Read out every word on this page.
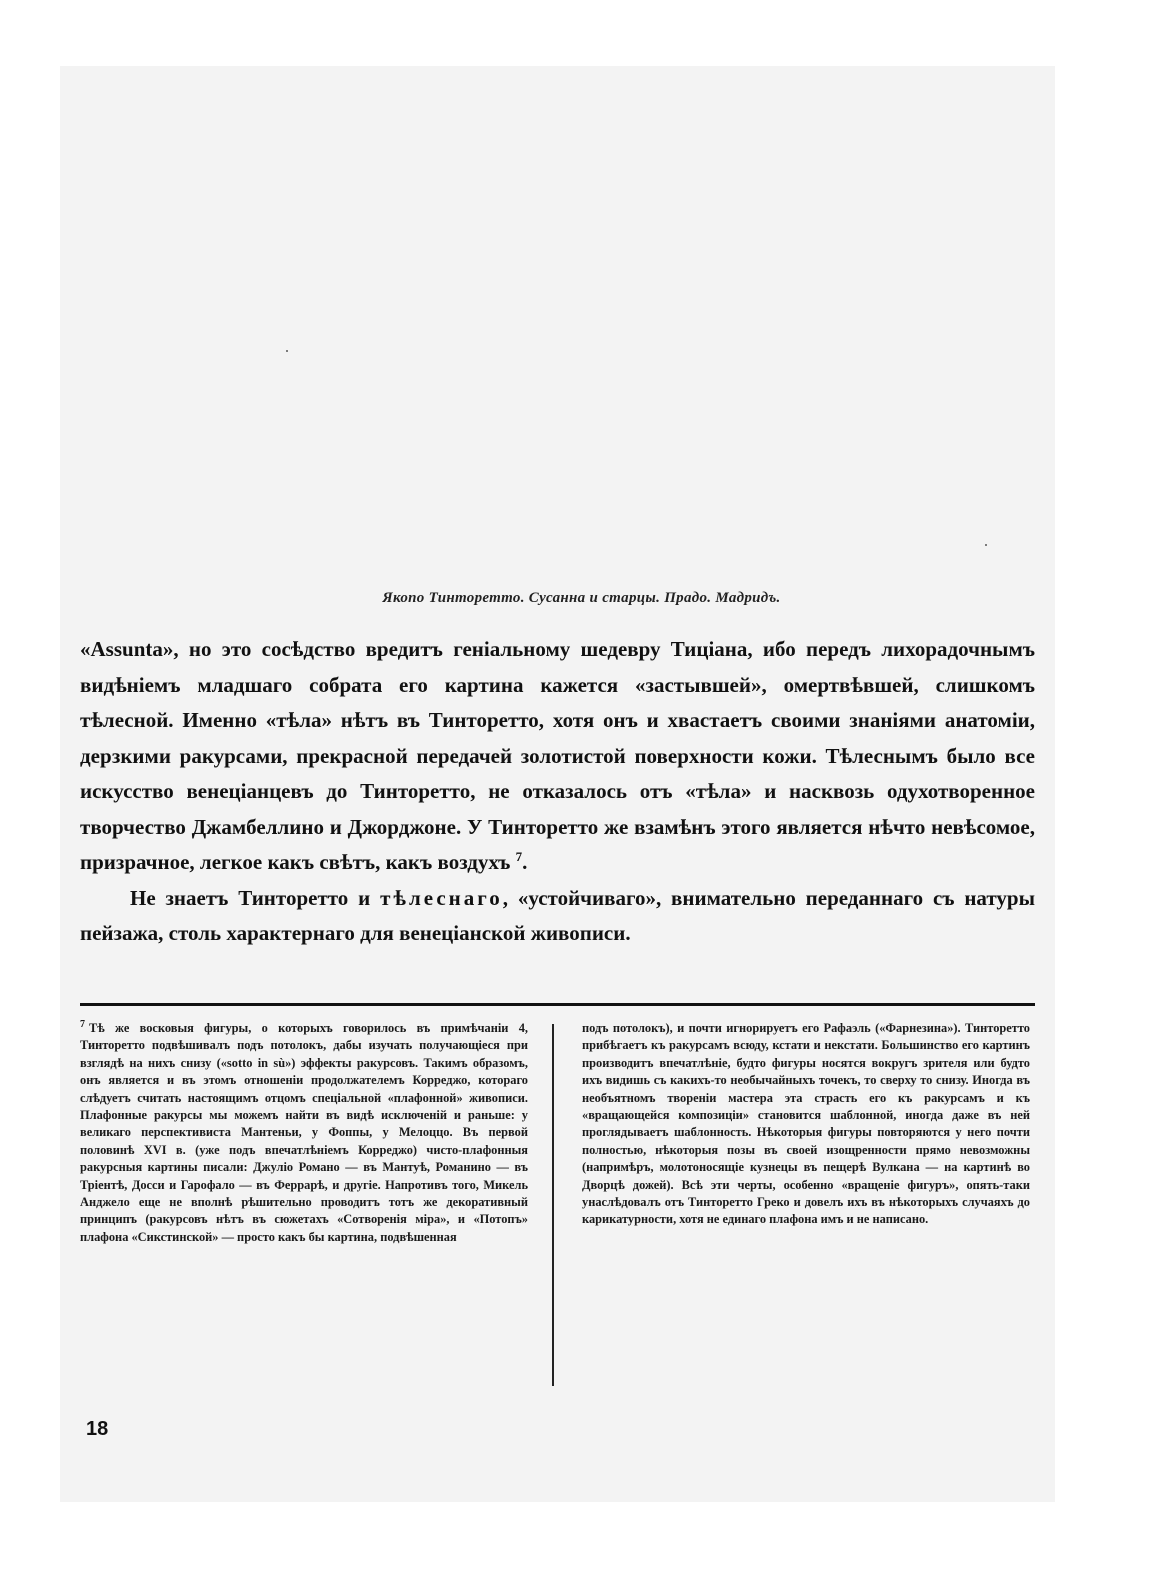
Якопо Тинторетто. Сусанна и старцы. Прадо. Мадридъ.

«Assunta», но это сосѣдство вредитъ геніальному шедевру Тиціана, ибо передъ лихорадочнымъ видѣніемъ младшаго собрата его картина кажется «застывшей», омертвѣвшей, слишкомъ тѣлесной. Именно «тѣла» нѣтъ въ Тинторетто, хотя онъ и хвастаетъ своими знаніями анатоміи, дерзкими ракурсами, прекрасной передачей золотистой поверхности кожи. Тѣлеснымъ было все искусство венеціанцевъ до Тинторетто, не отказалось отъ «тѣла» и насквозь одухотворенное творчество Джамбеллино и Джорджоне. У Тинторетто же взамѣнъ этого является нѣчто невѣсомое, призрачное, легкое какъ свѣтъ, какъ воздухъ $^7$.

Не знаетъ Тинторетто и тѣлеснаго, «устойчиваго», внимательно переданнаго съ натуры пейзажа, столь характернаго для венеціанской живописи.

$^7$ Тѣ же восковыя фигуры, о которыхъ говорилось въ примѣчаніи 4, Тинторетто подвѣшивалъ подъ потолокъ, дабы изучать получающіеся при взглядѣ на нихъ снизу («sotto in sù») эффекты ракурсовъ. Такимъ образомъ, онъ является и въ этомъ отношеніи продолжателемъ Корреджо, котораго слѣдуетъ считать настоящимъ отцомъ спеціальной «плафонной» живописи. Плафонные ракурсы мы можемъ найти въ видѣ исключеній и раньше: у великаго перспективиста Мантеньи, у Фоппы, у Мелоццо. Въ первой половинѣ XVI в. (уже подъ впечатлѣніемъ Корреджо) чисто-плафонныя ракурсныя картины писали: Джуліо Романо — въ Мантуѣ, Романино — въ Тріентѣ, Досси и Гарофало — въ Феррарѣ, и другіе. Напротивъ того, Микель Анджело еще не вполнѣ рѣшительно проводитъ тотъ же декоративный принципъ (ракурсовъ нѣтъ въ сюжетахъ «Сотворенія міра», и «Потопъ» плафона «Сикстинской» — просто какъ бы картина, подвѣшенная
подъ потолокъ), и почти игнорируетъ его Рафаэль («Фарнезина»). Тинторетто прибѣгаетъ къ ракурсамъ всюду, кстати и некстати. Большинство его картинъ производитъ впечатлѣніе, будто фигуры носятся вокругъ зрителя или будто ихъ видишь съ какихъ-то необычайныхъ точекъ, то сверху то снизу. Иногда въ необъятномъ твореніи мастера эта страсть его къ ракурсамъ и къ «вращающейся композиціи» становится шаблонной, иногда даже въ ней проглядываетъ шаблонность. Нѣкоторыя фигуры повторяются у него почти полностью, нѣкоторыя позы въ своей изощренности прямо невозможны (напримѣръ, молотоносящіе кузнецы въ пещерѣ Вулкана — на картинѣ во Дворцѣ дожей). Всѣ эти черты, особенно «вращеніе фигуръ», опять-таки унаслѣдовалъ отъ Тинторетто Греко и довелъ ихъ въ нѣкоторыхъ случаяхъ до карикатурности, хотя не единаго плафона имъ и не написано.
18
